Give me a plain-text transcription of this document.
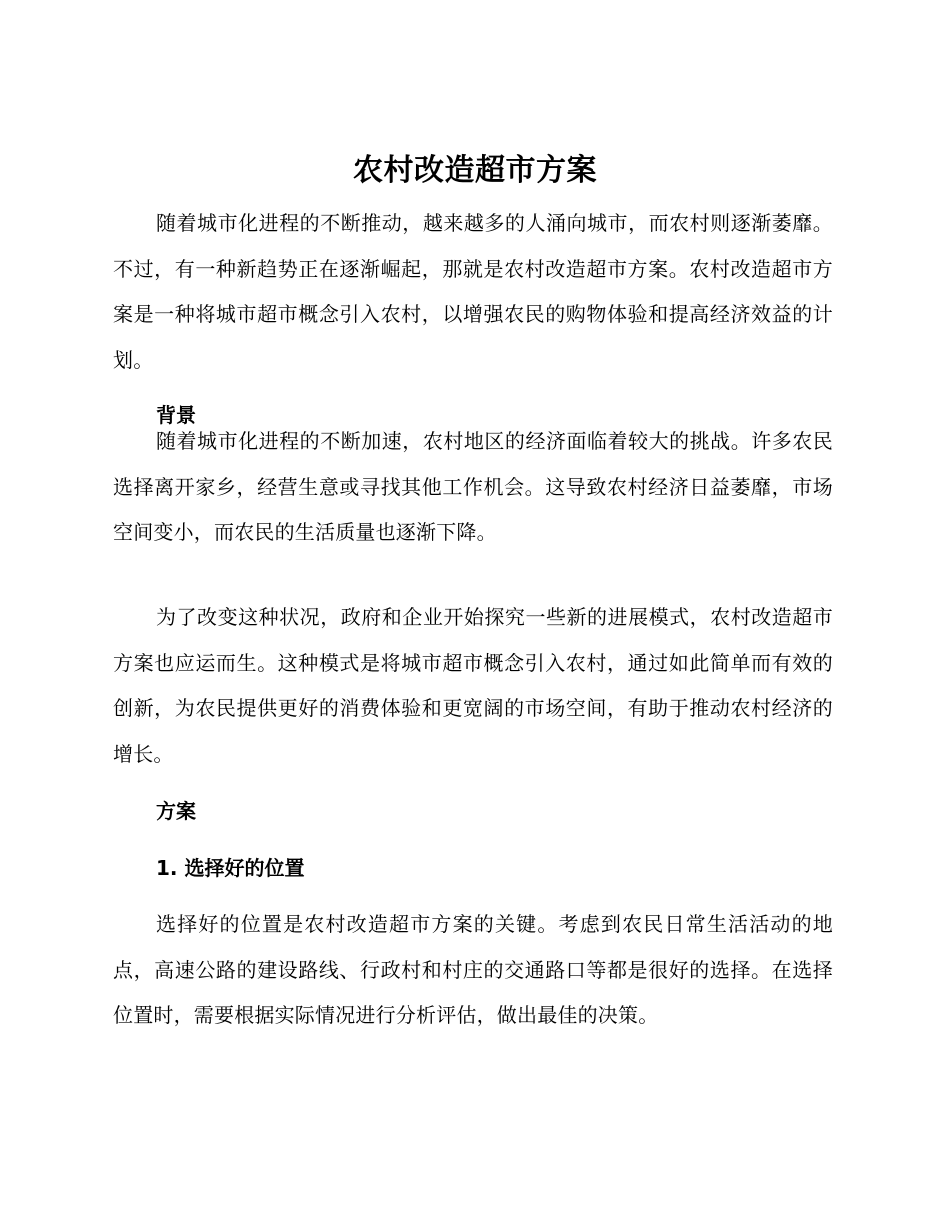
农村改造超市方案

随着城市化进程的不断推动，越来越多的人涌向城市，而农村则逐渐萎靡。不过，有一种新趋势正在逐渐崛起，那就是农村改造超市方案。农村改造超市方案是一种将城市超市概念引入农村，以增强农民的购物体验和提高经济效益的计划。

背景

随着城市化进程的不断加速，农村地区的经济面临着较大的挑战。许多农民选择离开家乡，经营生意或寻找其他工作机会。这导致农村经济日益萎靡，市场空间变小，而农民的生活质量也逐渐下降。

为了改变这种状况，政府和企业开始探究一些新的进展模式，农村改造超市方案也应运而生。这种模式是将城市超市概念引入农村，通过如此简单而有效的创新，为农民提供更好的消费体验和更宽阔的市场空间，有助于推动农村经济的增长。

方案
1. 选择好的位置

选择好的位置是农村改造超市方案的关键。考虑到农民日常生活活动的地点，高速公路的建设路线、行政村和村庄的交通路口等都是很好的选择。在选择位置时，需要根据实际情况进行分析评估，做出最佳的决策。
